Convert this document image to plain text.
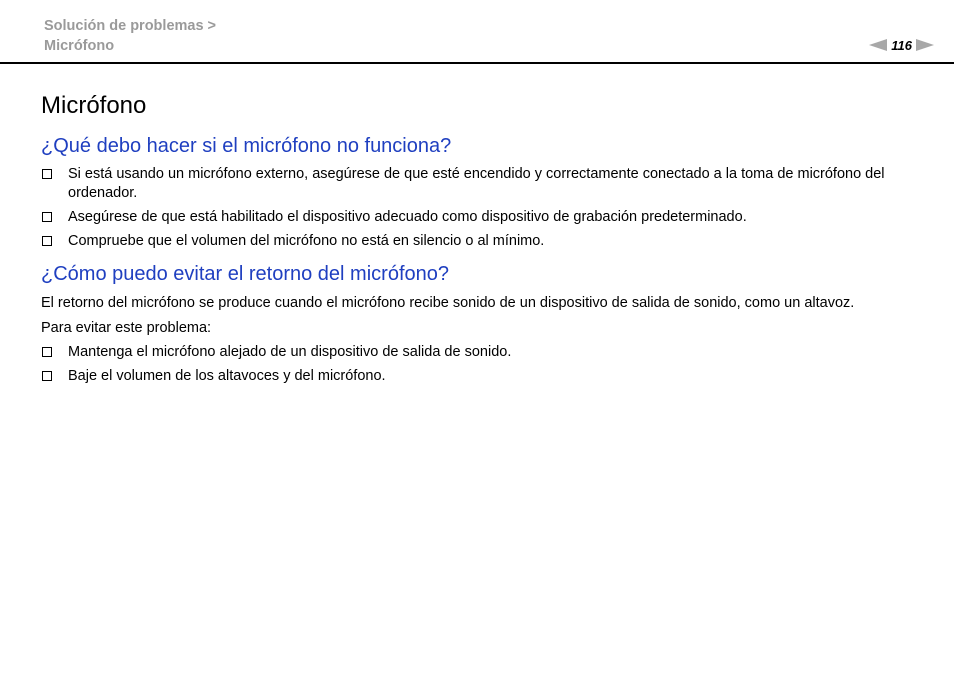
Solución de problemas >
Micrófono	116
Micrófono
¿Qué debo hacer si el micrófono no funciona?
Si está usando un micrófono externo, asegúrese de que esté encendido y correctamente conectado a la toma de micrófono del ordenador.
Asegúrese de que está habilitado el dispositivo adecuado como dispositivo de grabación predeterminado.
Compruebe que el volumen del micrófono no está en silencio o al mínimo.
¿Cómo puedo evitar el retorno del micrófono?

El retorno del micrófono se produce cuando el micrófono recibe sonido de un dispositivo de salida de sonido, como un altavoz.

Para evitar este problema:

Mantenga el micrófono alejado de un dispositivo de salida de sonido.
Baje el volumen de los altavoces y del micrófono.
